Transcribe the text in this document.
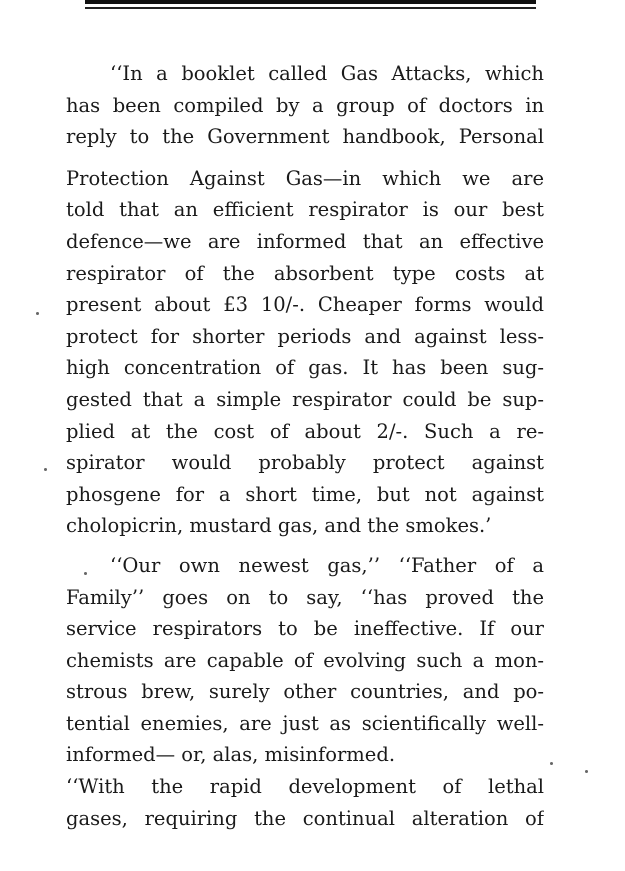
‘‘In a booklet called Gas Attacks, which
has been compiled by a group of doctors in
reply to the Government handbook, Personal
Protection Against Gas—in which we are
told that an efficient respirator is our best
defence—we are informed that an effective
respirator of the absorbent type costs at
present about £3 10/-. Cheaper forms would
protect for shorter periods and against less-
high concentration of gas. It has been sug-
gested that a simple respirator could be sup-
plied at the cost of about 2/-. Such a re-
spirator would probably protect against
phosgene for a short time, but not against
cholopicrin, mustard gas, and the smokes.’
‘‘Our own newest gas,’’ ‘‘Father of a
Family’’ goes on to say, ‘‘has proved the
service respirators to be ineffective. If our
chemists are capable of evolving such a mon-
strous brew, surely other countries, and po-
tential enemies, are just as scientifically well-
informed— or, alas, misinformed.
‘‘With the rapid development of lethal
gases, requiring the continual alteration of
